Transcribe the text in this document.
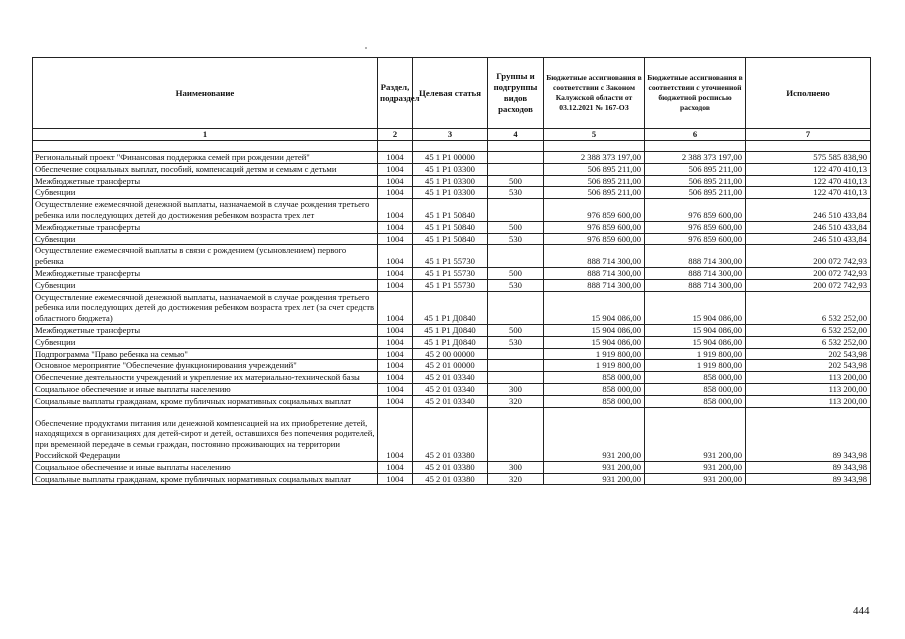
Наименование	Раздел, подраздел	Целевая статья	Группы и подгруппы видов расходов	Бюджетные ассигнования в соответствии с Законом Калужской области от 03.12.2021 № 167-ОЗ	Бюджетные ассигнования в соответствии с уточненной бюджетной росписью расходов	Исполнено
1	2	3	4	5	6	7

Региональный проект "Финансовая поддержка семей при рождении детей"	1004	45 1 P1 00000		2 388 373 197,00	2 388 373 197,00	575 585 838,90
Обеспечение социальных выплат, пособий, компенсаций детям и семьям с детьми	1004	45 1 P1 03300		506 895 211,00	506 895 211,00	122 470 410,13
Межбюджетные трансферты	1004	45 1 P1 03300	500	506 895 211,00	506 895 211,00	122 470 410,13
Субвенции	1004	45 1 P1 03300	530	506 895 211,00	506 895 211,00	122 470 410,13
Осуществление ежемесячной денежной выплаты, назначаемой в случае рождения третьего ребенка или последующих детей до достижения ребенком возраста трех лет	1004	45 1 P1 50840		976 859 600,00	976 859 600,00	246 510 433,84
Межбюджетные трансферты	1004	45 1 P1 50840	500	976 859 600,00	976 859 600,00	246 510 433,84
Субвенции	1004	45 1 P1 50840	530	976 859 600,00	976 859 600,00	246 510 433,84
Осуществление ежемесячной выплаты в связи с рождением (усыновлением) первого ребенка	1004	45 1 P1 55730		888 714 300,00	888 714 300,00	200 072 742,93
Межбюджетные трансферты	1004	45 1 P1 55730	500	888 714 300,00	888 714 300,00	200 072 742,93
Субвенции	1004	45 1 P1 55730	530	888 714 300,00	888 714 300,00	200 072 742,93
Осуществление ежемесячной денежной выплаты, назначаемой в случае рождения третьего ребенка или последующих детей до достижения ребенком возраста трех лет (за счет средств областного бюджета)	1004	45 1 P1 Д0840		15 904 086,00	15 904 086,00	6 532 252,00
Межбюджетные трансферты	1004	45 1 P1 Д0840	500	15 904 086,00	15 904 086,00	6 532 252,00
Субвенции	1004	45 1 P1 Д0840	530	15 904 086,00	15 904 086,00	6 532 252,00
Подпрограмма "Право ребенка на семью"	1004	45 2 00 00000		1 919 800,00	1 919 800,00	202 543,98
Основное мероприятие "Обеспечение функционирования учреждений"	1004	45 2 01 00000		1 919 800,00	1 919 800,00	202 543,98
Обеспечение деятельности учреждений и укрепление их материально-технической базы	1004	45 2 01 03340		858 000,00	858 000,00	113 200,00
Социальное обеспечение и иные выплаты населению	1004	45 2 01 03340	300	858 000,00	858 000,00	113 200,00
Социальные выплаты гражданам, кроме публичных нормативных социальных выплат	1004	45 2 01 03340	320	858 000,00	858 000,00	113 200,00
Обеспечение продуктами питания или денежной компенсацией на их приобретение детей, находящихся в организациях для детей-сирот и детей, оставшихся без попечения родителей, при временной передаче в семьи граждан, постоянно проживающих на территории Российской Федерации	1004	45 2 01 03380		931 200,00	931 200,00	89 343,98
Социальное обеспечение и иные выплаты населению	1004	45 2 01 03380	300	931 200,00	931 200,00	89 343,98
Социальные выплаты гражданам, кроме публичных нормативных социальных выплат	1004	45 2 01 03380	320	931 200,00	931 200,00	89 343,98
444
